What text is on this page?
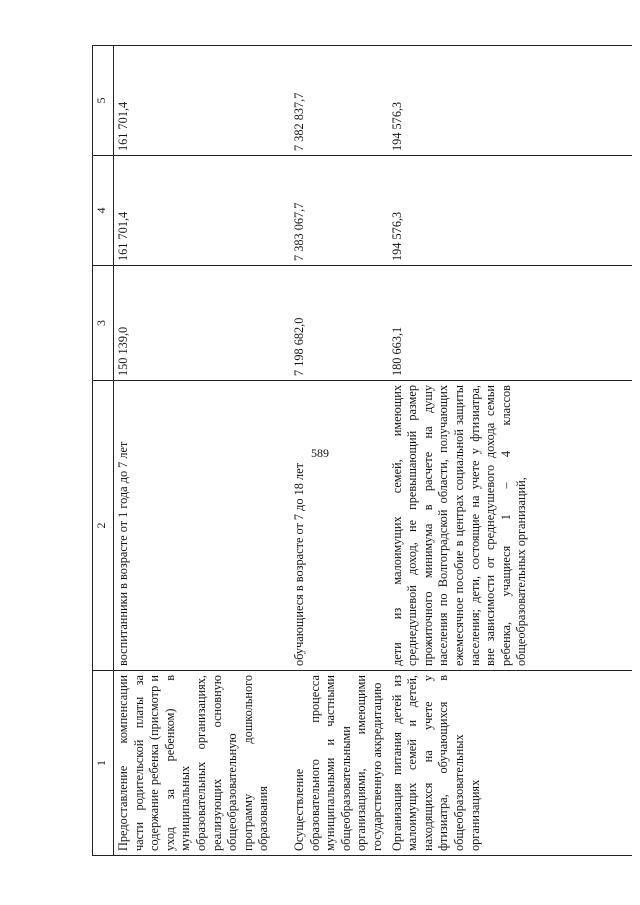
589
1	2	3	4	5
Предоставление компенсации части родительской платы за содержание ребенка (присмотр и уход за ребенком) в муниципальных образовательных организациях, реализующих основную общеобразовательную программу дошкольного образования	воспитанники в возрасте от 1 года до 7 лет	150 139,0	161 701,4	161 701,4
Осуществление образовательного процесса муниципальными и частными общеобразовательными организациями, имеющими государственную аккредитацию	обучающиеся в возрасте от 7 до 18 лет	7 198 682,0	7 383 067,7	7 382 837,7
Организация питания детей из малоимущих семей и детей, находящихся на учете у фтизиатра, обучающихся в общеобразовательных организациях	дети из малоимущих семей, имеющих среднедушевой доход, не превышающий размер прожиточного минимума в расчете на душу населения по Волгоградской области, получающих ежемесячное пособие в центрах социальной защиты населения; дети, состоящие на учете у фтизиатра, вне зависимости от среднедушевого дохода семьи ребенка, учащиеся 1 – 4 классов общеобразовательных организаций,	180 663,1	194 576,3	194 576,3
